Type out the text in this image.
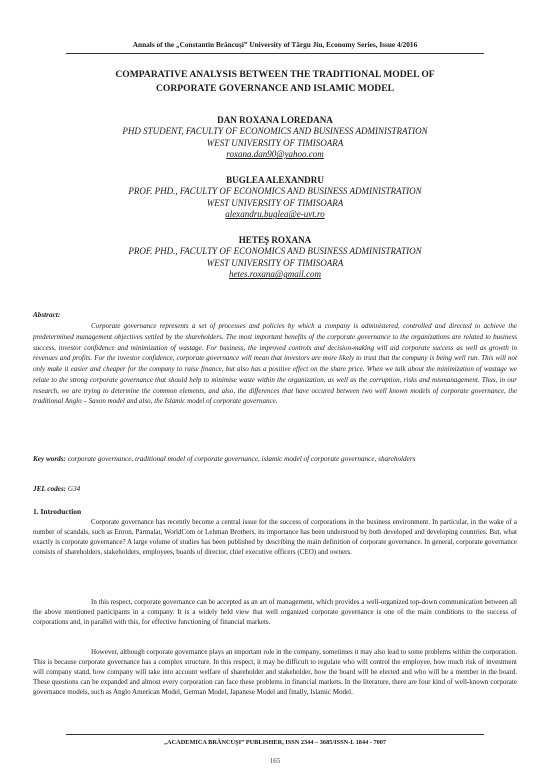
Annals of the „Constantin Brâncuşi” University of Târgu Jiu, Economy Series, Issue 4/2016
COMPARATIVE ANALYSIS BETWEEN THE TRADITIONAL MODEL OF
CORPORATE GOVERNANCE AND ISLAMIC MODEL
DAN ROXANA LOREDANA
PHD STUDENT, FACULTY OF ECONOMICS AND BUSINESS ADMINISTRATION
WEST UNIVERSITY OF TIMISOARA
roxana.dan90@yahoo.com
BUGLEA ALEXANDRU
PROF. PHD., FACULTY OF ECONOMICS AND BUSINESS ADMINISTRATION
WEST UNIVERSITY OF TIMISOARA
alexandru.buglea@e-uvt.ro
HETEŞ ROXANA
PROF. PHD., FACULTY OF ECONOMICS AND BUSINESS ADMINISTRATION
WEST UNIVERSITY OF TIMISOARA
hetes.roxana@gmail.com
Abstract:
Corporate governance represents a set of processes and policies by which a company is administered, controlled and directed to achieve the predetermined management objectives settled by the shareholders. The most important benefits of the corporate governance to the organizations are related to business success, investor confidence and minimization of wastage. For business, the improved controls and decision-making will aid corporate success as well as growth in revenues and profits. For the investor confidence, corporate governance will mean that investors are more likely to trust that the company is being well run. This will not only make it easier and cheaper for the company to raise finance, but also has a positive effect on the share price. When we talk about the minimization of wastage we relate to the strong corporate governance that should help to minimise waste within the organization, as well as the corruption, risks and mismanagement. Thus, in our research, we are trying to determine the common elements, and also, the differences that have occured between two well known models of corporate governance, the traditional Anglo – Saxon model and also, the Islamic model of corporate governance.
Key words: corporate governance, traditional model of corporate governance, islamic model of corporate governance, shareholders
JEL codes: G34
1. Introduction
Corporate governance has recently become a central issue for the success of corporations in the business environment. In particular, in the wake of a number of scandals, such as Enron, Parmalat, WorldCom or Lehman Brothers, its importance has been understood by both developed and developing countries. But, what exactly is corporate governance? A large volume of studies has been published by describing the main definition of corporate governance. In general, corporate governance consists of shareholders, stakeholders, employees, boards of director, chief executive officers (CEO) and owners.
In this respect, corporate governance can be accepted as an art of management, which provides a well-organized top-down communication between all the above mentioned participants in a company. It is a widely held view that well organized corporate governance is one of the main conditions to the success of corporations and, in parallel with this, for effective functioning of financial markets.
However, although corporate governance plays an important role in the company, sometimes it may also lead to some problems within the corporation. This is because corporate governance has a complex structure. In this respect, it may be difficult to regulate who will control the employee, how much risk of investment will company stand, how company will take into account welfare of shareholder and stakeholder, how the board will be elected and who will be a member in the board. These questions can be expanded and almost every corporation can face these problems in financial markets. In the literature, there are four kind of well-known corporate governance models, such as Anglo American Model, German Model, Japanese Model and finally, Islamic Model.
„ACADEMICA BRÂNCUŞI” PUBLISHER, ISSN 2344 – 3685/ISSN-L 1844 - 7007
165
